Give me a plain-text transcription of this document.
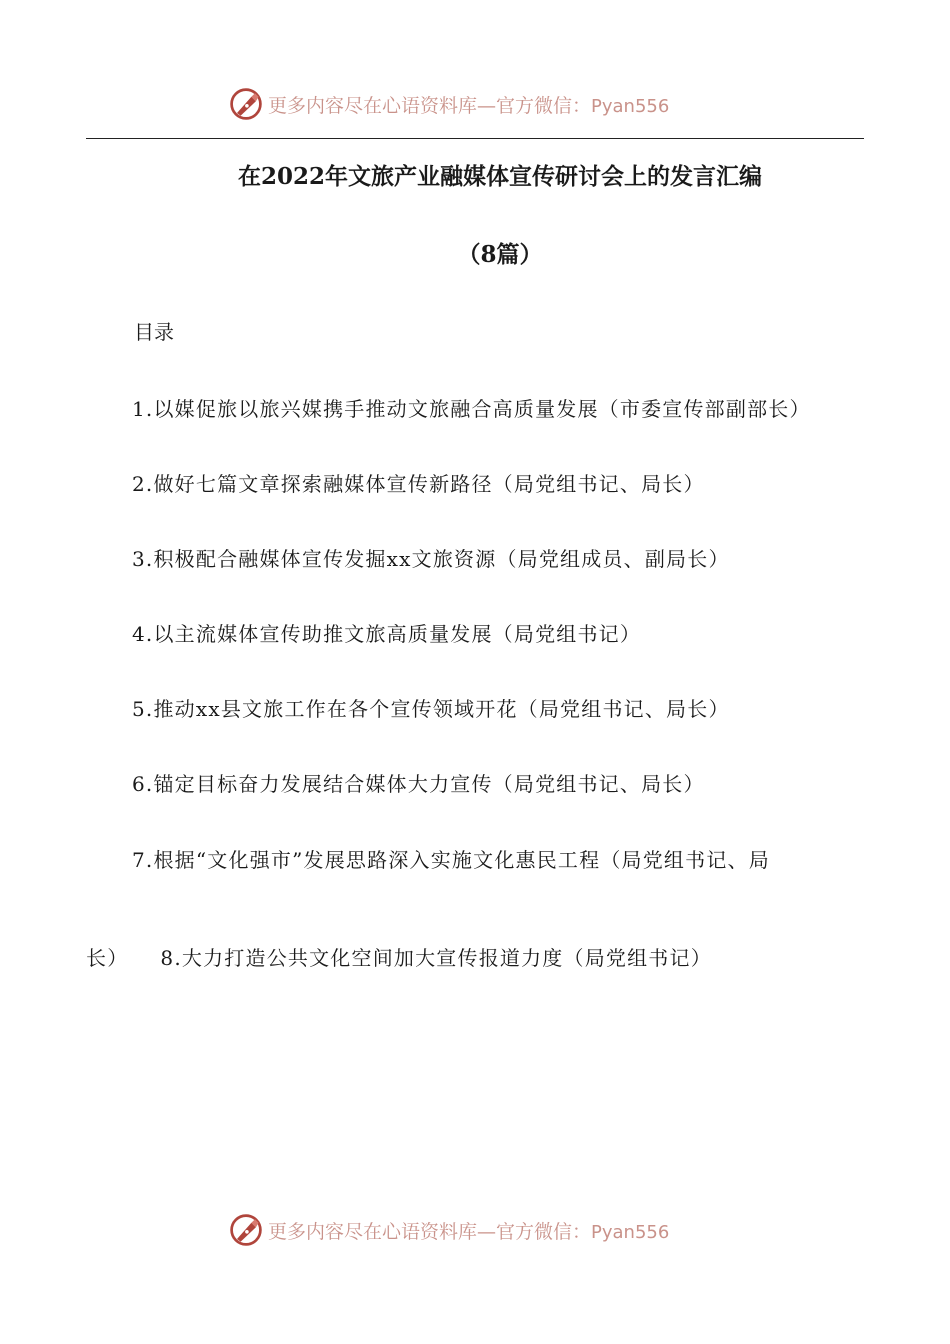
更多内容尽在心语资料库—官方微信：Pyan556
在2022年文旅产业融媒体宣传研讨会上的发言汇编
（8篇）
目录
1.以媒促旅以旅兴媒携手推动文旅融合高质量发展（市委宣传部副部长）
2.做好七篇文章探索融媒体宣传新路径（局党组书记、局长）
3.积极配合融媒体宣传发掘xx文旅资源（局党组成员、副局长）
4.以主流媒体宣传助推文旅高质量发展（局党组书记）
5.推动xx县文旅工作在各个宣传领域开花（局党组书记、局长）
6.锚定目标奋力发展结合媒体大力宣传（局党组书记、局长）
7.根据“文化强市”发展思路深入实施文化惠民工程（局党组书记、局
长） 8.大力打造公共文化空间加大宣传报道力度（局党组书记）
更多内容尽在心语资料库—官方微信：Pyan556
